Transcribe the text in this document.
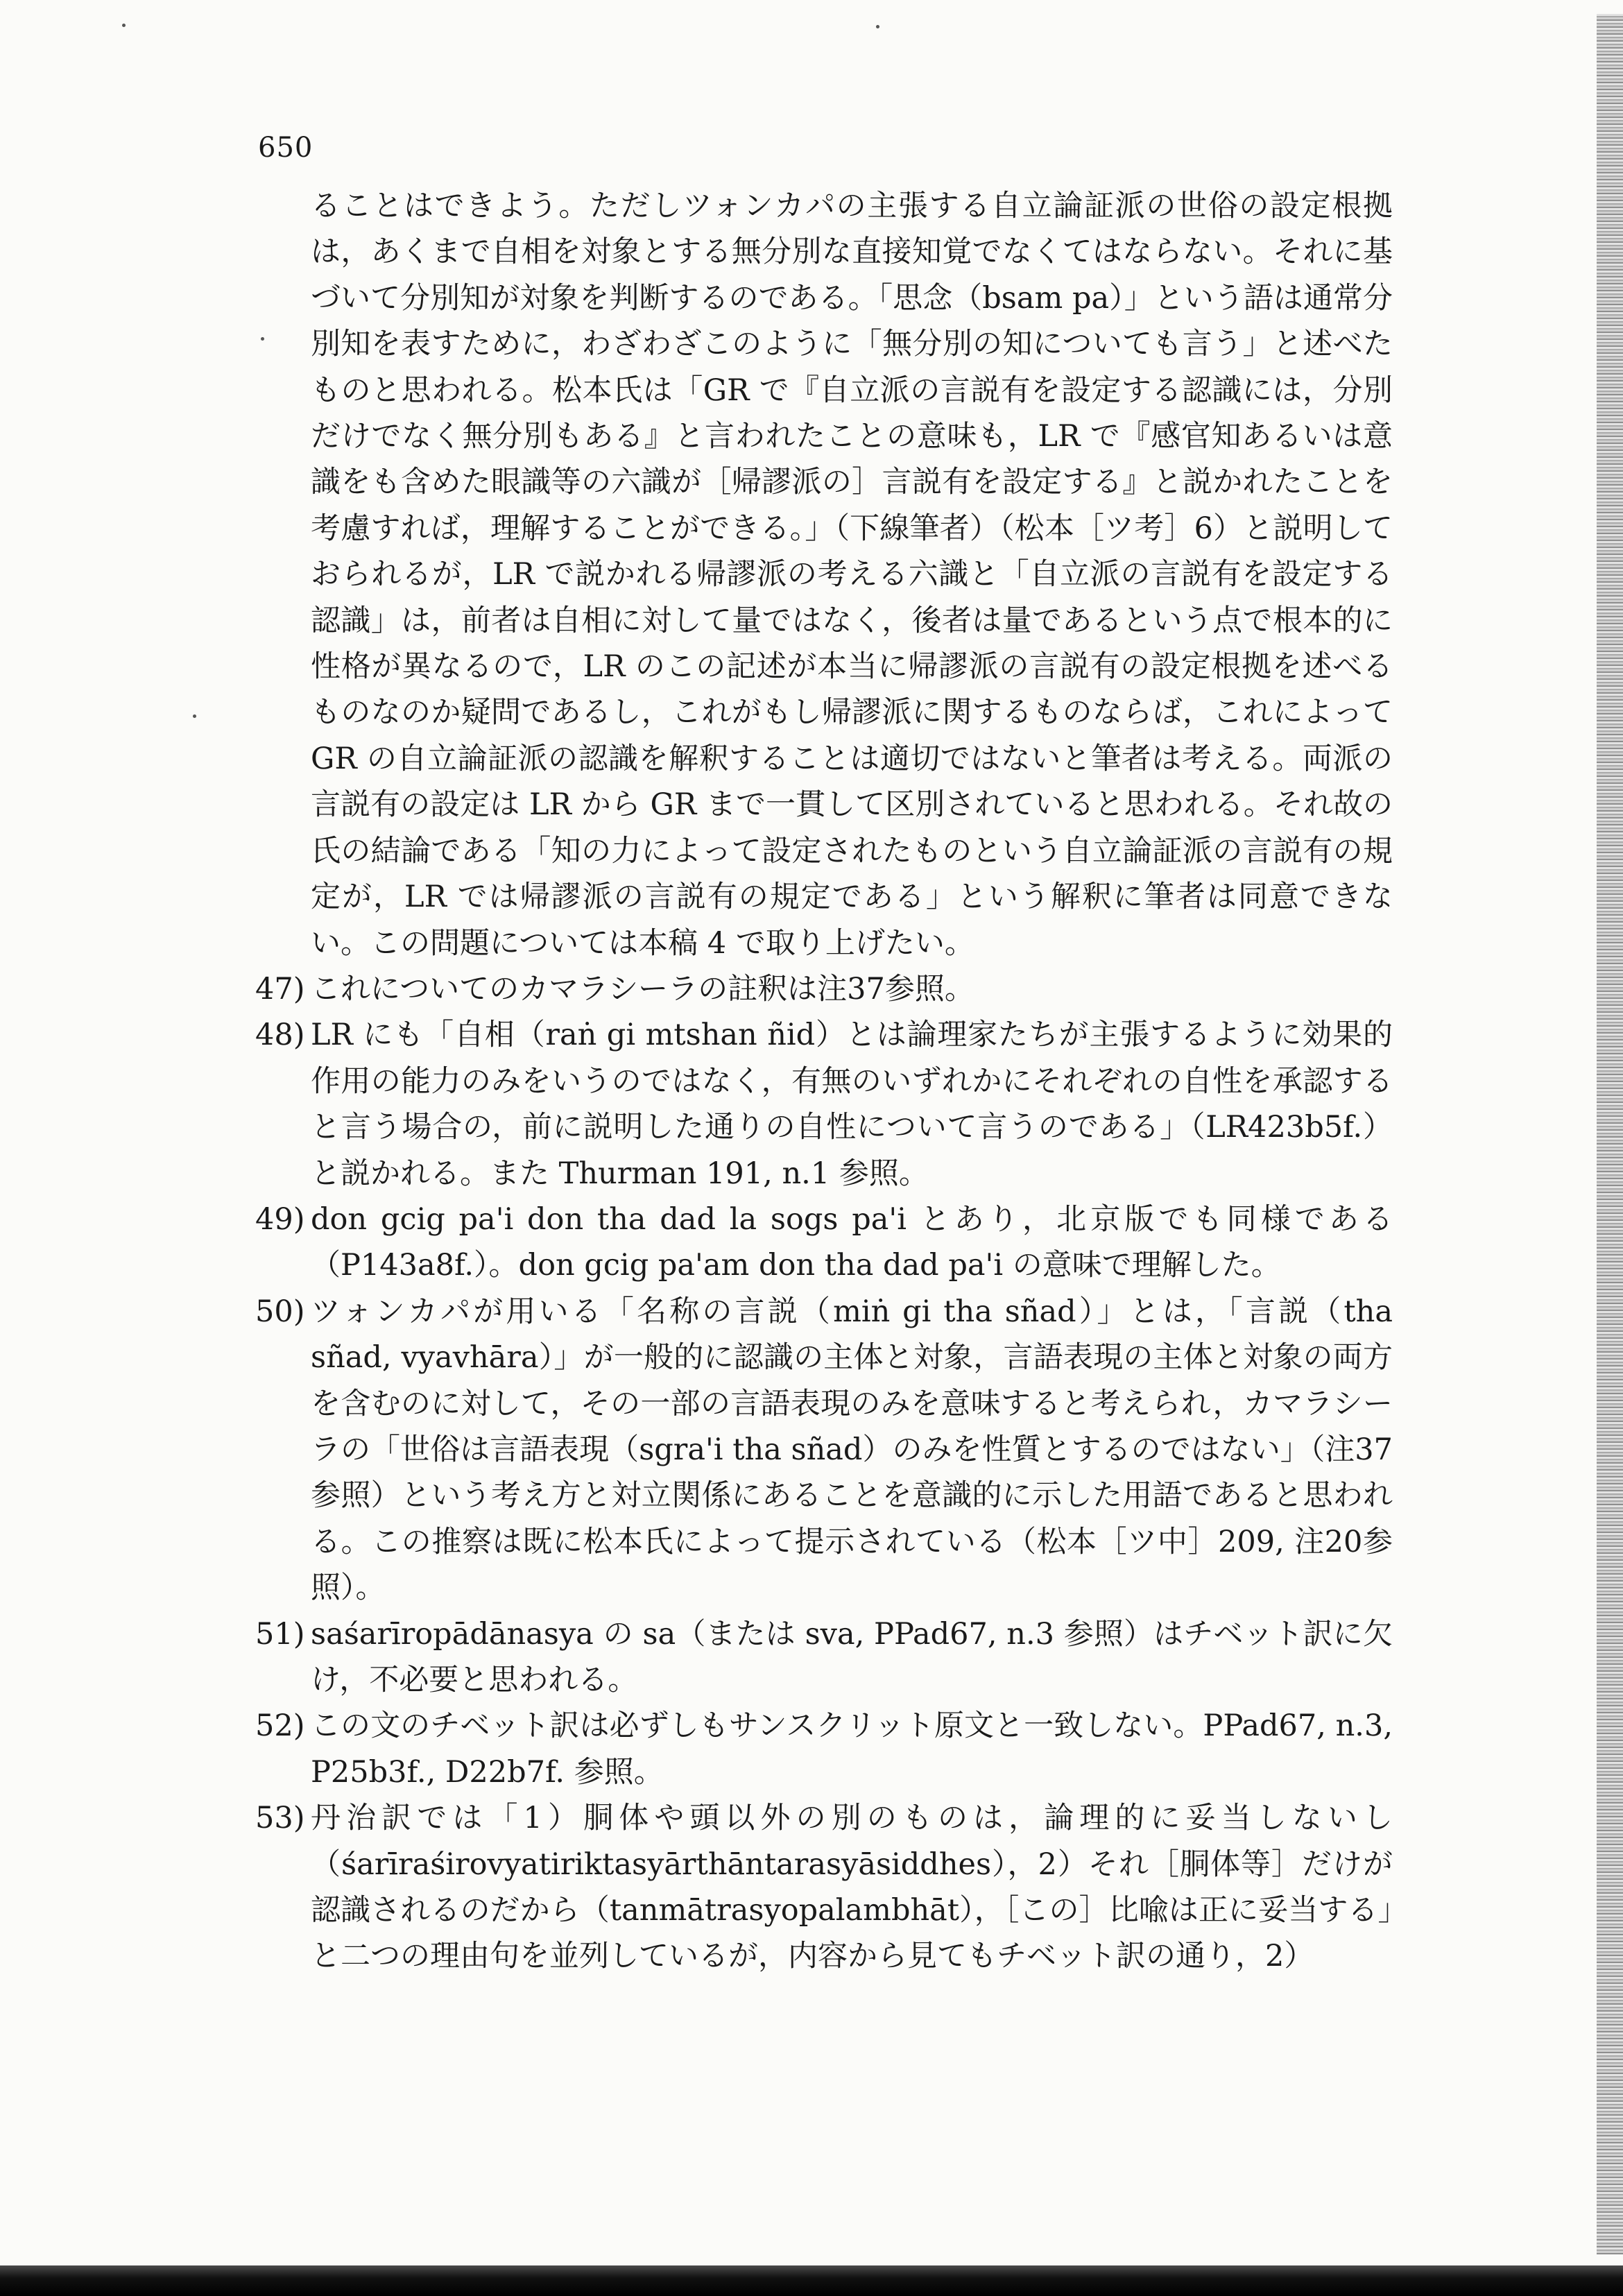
650

ることはできよう。ただしツォンカパの主張する自立論証派の世俗の設定根拠は，あくまで自相を対象とする無分別な直接知覚でなくてはならない。それに基づいて分別知が対象を判断するのである。「思念（bsam pa）」という語は通常分別知を表すために，わざわざこのように「無分別の知についても言う」と述べたものと思われる。松本氏は「GR で『自立派の言説有を設定する認識には，分別だけでなく無分別もある』と言われたことの意味も，LR で『感官知あるいは意識をも含めた眼識等の六識が［帰謬派の］言説有を設定する』と説かれたことを考慮すれば，理解することができる。」（下線筆者）（松本［ツ考］6）と説明しておられるが，LR で説かれる帰謬派の考える六識と「自立派の言説有を設定する認識」は，前者は自相に対して量ではなく，後者は量であるという点で根本的に性格が異なるので，LR のこの記述が本当に帰謬派の言説有の設定根拠を述べるものなのか疑問であるし，これがもし帰謬派に関するものならば，これによって GR の自立論証派の認識を解釈することは適切ではないと筆者は考える。両派の言説有の設定は LR から GR まで一貫して区別されていると思われる。それ故の氏の結論である「知の力によって設定されたものという自立論証派の言説有の規定が，LR では帰謬派の言説有の規定である」という解釈に筆者は同意できない。この問題については本稿 4 で取り上げたい。

47) これについてのカマラシーラの註釈は注37参照。
48) LR にも「自相（raṅ gi mtshan ñid）とは論理家たちが主張するように効果的作用の能力のみをいうのではなく，有無のいずれかにそれぞれの自性を承認すると言う場合の，前に説明した通りの自性について言うのである」（LR423b5f.）と説かれる。また Thurman 191, n.1 参照。
49) don gcig pa'i don tha dad la sogs pa'i とあり，北京版でも同様である（P143a8f.）。don gcig pa'am don tha dad pa'i の意味で理解した。
50) ツォンカパが用いる「名称の言説（miṅ gi tha sñad）」とは，「言説（tha sñad, vyavhāra）」が一般的に認識の主体と対象，言語表現の主体と対象の両方を含むのに対して，その一部の言語表現のみを意味すると考えられ，カマラシーラの「世俗は言語表現（sgra'i tha sñad）のみを性質とするのではない」（注37参照）という考え方と対立関係にあることを意識的に示した用語であると思われる。この推察は既に松本氏によって提示されている（松本［ツ中］209, 注20参照）。
51) saśarīropādānasya の sa（または sva, PPad67, n.3 参照）はチベット訳に欠け，不必要と思われる。
52) この文のチベット訳は必ずしもサンスクリット原文と一致しない。PPad67, n.3, P25b3f., D22b7f. 参照。
53) 丹治訳では「1）胴体や頭以外の別のものは，論理的に妥当しないし（śarīraśirovyatiriktasyārthāntarasyāsiddhes），2）それ［胴体等］だけが認識されるのだから（tanmātrasyopalambhāt），［この］比喩は正に妥当する」と二つの理由句を並列しているが，内容から見てもチベット訳の通り，2）
